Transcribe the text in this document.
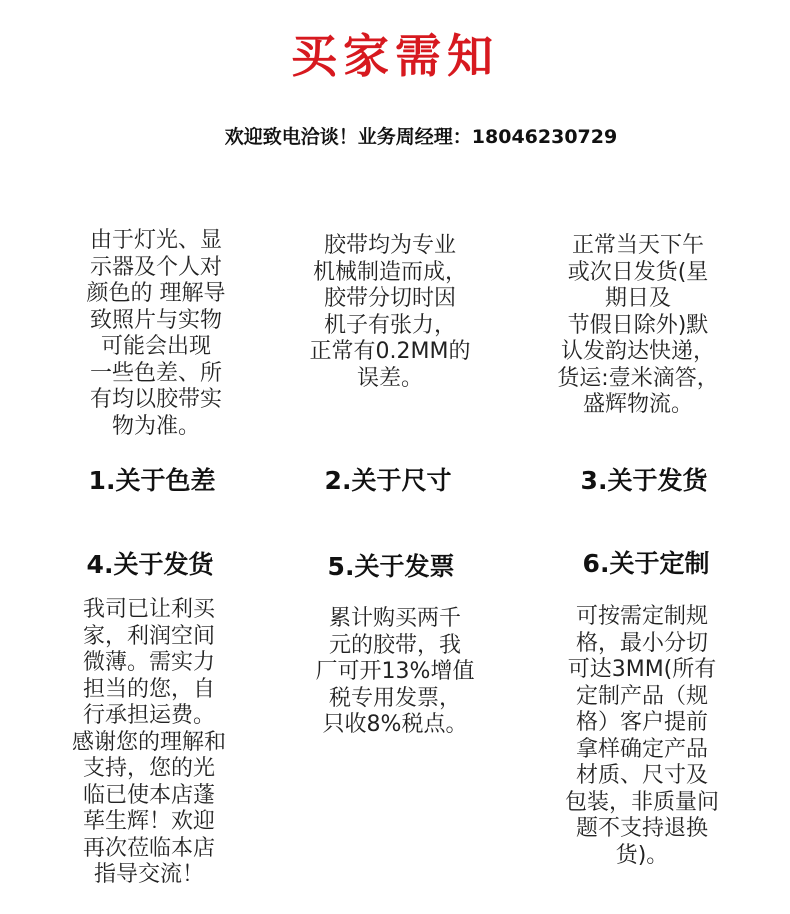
买家需知
欢迎致电洽谈！业务周经理：18046230729
由于灯光、显
示器及个人对
颜色的 理解导
致照片与实物
可能会出现
一些色差、所
有均以胶带实
物为准。
胶带均为专业
机械制造而成，
胶带分切时因
机子有张力，
正常有0.2MM的
误差。
正常当天下午
或次日发货(星
期日及
节假日除外)默
认发韵达快递，
货运:壹米滴答，
盛辉物流。
1.关于色差	2.关于尺寸	3.关于发货
4.关于发货	5.关于发票	6.关于定制
我司已让利买
家，利润空间
微薄。需实力
担当的您，自
行承担运费。
感谢您的理解和
支持，您的光
临已使本店蓬
荜生辉！欢迎
再次莅临本店
指导交流！
累计购买两千
元的胶带，我
厂可开13%增值
税专用发票，
只收8%税点。
可按需定制规
格，最小分切
可达3MM(所有
定制产品（规
格）客户提前
拿样确定产品
材质、尺寸及
包装，非质量问
题不支持退换
货)。
